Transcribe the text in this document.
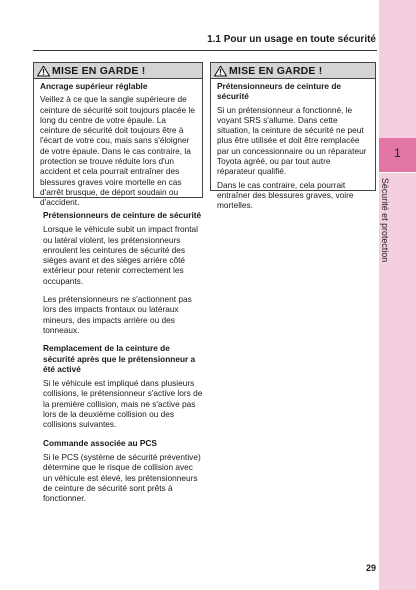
1.1 Pour un usage en toute sécurité
1
Sécurité et protection
MISE EN GARDE !

Ancrage supérieur réglable

Veillez à ce que la sangle supérieure de ceinture de sécurité soit toujours placée le long du centre de votre épaule. La ceinture de sécurité doit toujours être à l'écart de votre cou, mais sans s'éloigner de votre épaule. Dans le cas contraire, la protection se trouve réduite lors d'un accident et cela pourrait entraîner des blessures graves voire mortelle en cas d'arrêt brusque, de déport soudain ou d'accident.

MISE EN GARDE !

Prétensionneurs de ceinture de sécurité

Si un prétensionneur a fonctionné, le voyant SRS s'allume. Dans cette situation, la ceinture de sécurité ne peut plus être utilisée et doit être remplacée par un concessionnaire ou un réparateur Toyota agréé, ou par tout autre réparateur qualifié.

Dans le cas contraire, cela pourrait entraîner des blessures graves, voire mortelles.

Prétensionneurs de ceinture de sécurité

Lorsque le véhicule subit un impact frontal ou latéral violent, les prétensionneurs enroulent les ceintures de sécurité des sièges avant et des sièges arrière côté extérieur pour retenir correctement les occupants.

Les prétensionneurs ne s'actionnent pas lors des impacts frontaux ou latéraux mineurs, des impacts arrière ou des tonneaux.

Remplacement de la ceinture de sécurité après que le prétensionneur a été activé

Si le véhicule est impliqué dans plusieurs collisions, le prétensionneur s'active lors de la première collision, mais ne s'active pas lors de la deuxième collision ou des collisions suivantes.

Commande associée au PCS

Si le PCS (système de sécurité préventive) détermine que le risque de collision avec un véhicule est élevé, les prétensionneurs de ceinture de sécurité sont prêts à fonctionner.

29
